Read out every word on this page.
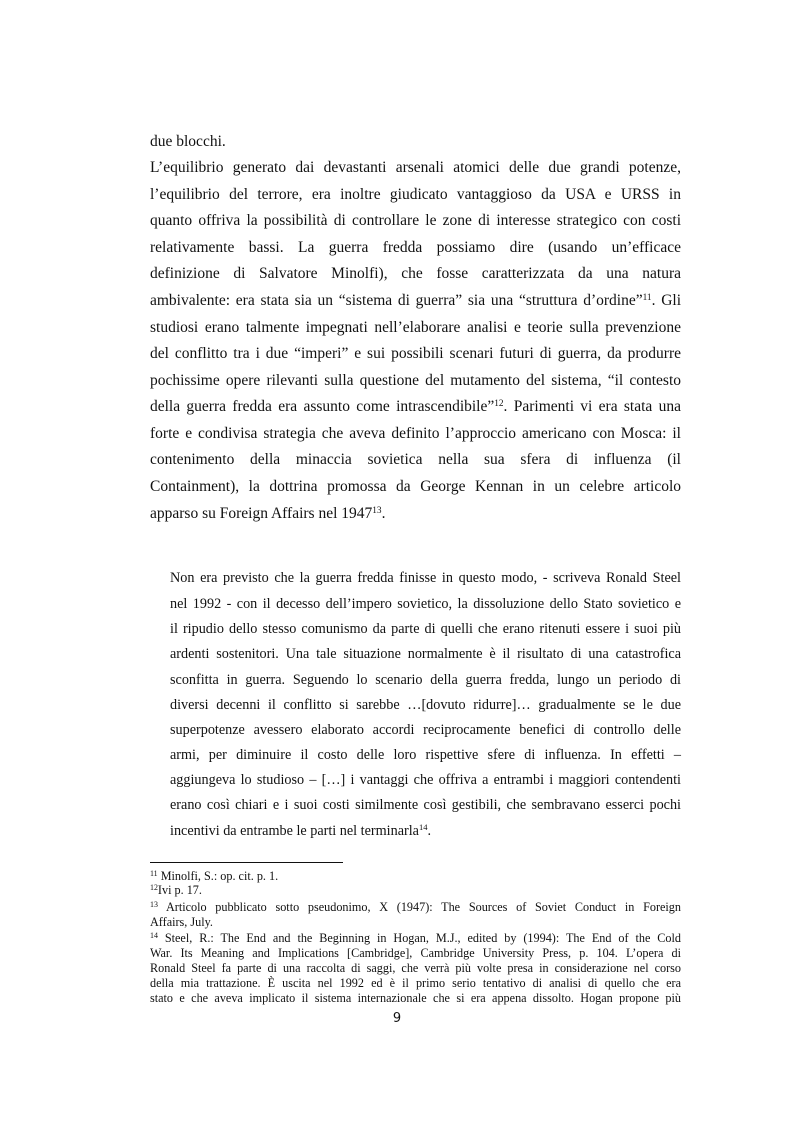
due blocchi.
L’equilibrio generato dai devastanti arsenali atomici delle due grandi potenze,
l’equilibrio del terrore, era inoltre giudicato vantaggioso da USA e URSS in
quanto offriva la possibilità di controllare le zone di interesse strategico con costi
relativamente bassi. La guerra fredda possiamo dire (usando un’efficace
definizione di Salvatore Minolfi), che fosse caratterizzata da una natura
ambivalente: era stata sia un “sistema di guerra” sia una “struttura d’ordine”$^{11}$. Gli
studiosi erano talmente impegnati nell’elaborare analisi e teorie sulla prevenzione
del conflitto tra i due “imperi” e sui possibili scenari futuri di guerra, da produrre
pochissime opere rilevanti sulla questione del mutamento del sistema, “il contesto
della guerra fredda era assunto come intrascendibile”$^{12}$. Parimenti vi era stata una
forte e condivisa strategia che aveva definito l’approccio americano con Mosca: il
contenimento della minaccia sovietica nella sua sfera di influenza (il
Containment), la dottrina promossa da George Kennan in un celebre articolo
apparso su Foreign Affairs nel 1947$^{13}$.
Non era previsto che la guerra fredda finisse in questo modo, - scriveva Ronald Steel
nel 1992 - con il decesso dell’impero sovietico, la dissoluzione dello Stato sovietico e
il ripudio dello stesso comunismo da parte di quelli che erano ritenuti essere i suoi più
ardenti sostenitori. Una tale situazione normalmente è il risultato di una catastrofica
sconfitta in guerra. Seguendo lo scenario della guerra fredda, lungo un periodo di
diversi decenni il conflitto si sarebbe …[dovuto ridurre]… gradualmente se le due
superpotenze avessero elaborato accordi reciprocamente benefici di controllo delle
armi, per diminuire il costo delle loro rispettive sfere di influenza. In effetti –
aggiungeva lo studioso – […] i vantaggi che offriva a entrambi i maggiori contendenti
erano così chiari e i suoi costi similmente così gestibili, che sembravano esserci pochi
incentivi da entrambe le parti nel terminarla$^{14}$.
$^{11}$ Minolfi, S.: op. cit. p. 1.
$^{12}$Ivi p. 17.
$^{13}$ Articolo pubblicato sotto pseudonimo, X (1947): The Sources of Soviet Conduct in Foreign
Affairs, July.
$^{14}$ Steel, R.: The End and the Beginning in Hogan, M.J., edited by (1994): The End of the Cold
War. Its Meaning and Implications [Cambridge], Cambridge University Press, p. 104. L’opera di
Ronald Steel fa parte di una raccolta di saggi, che verrà più volte presa in considerazione nel corso
della mia trattazione. È uscita nel 1992 ed è il primo serio tentativo di analisi di quello che era
stato e che aveva implicato il sistema internazionale che si era appena dissolto. Hogan propone più
9
